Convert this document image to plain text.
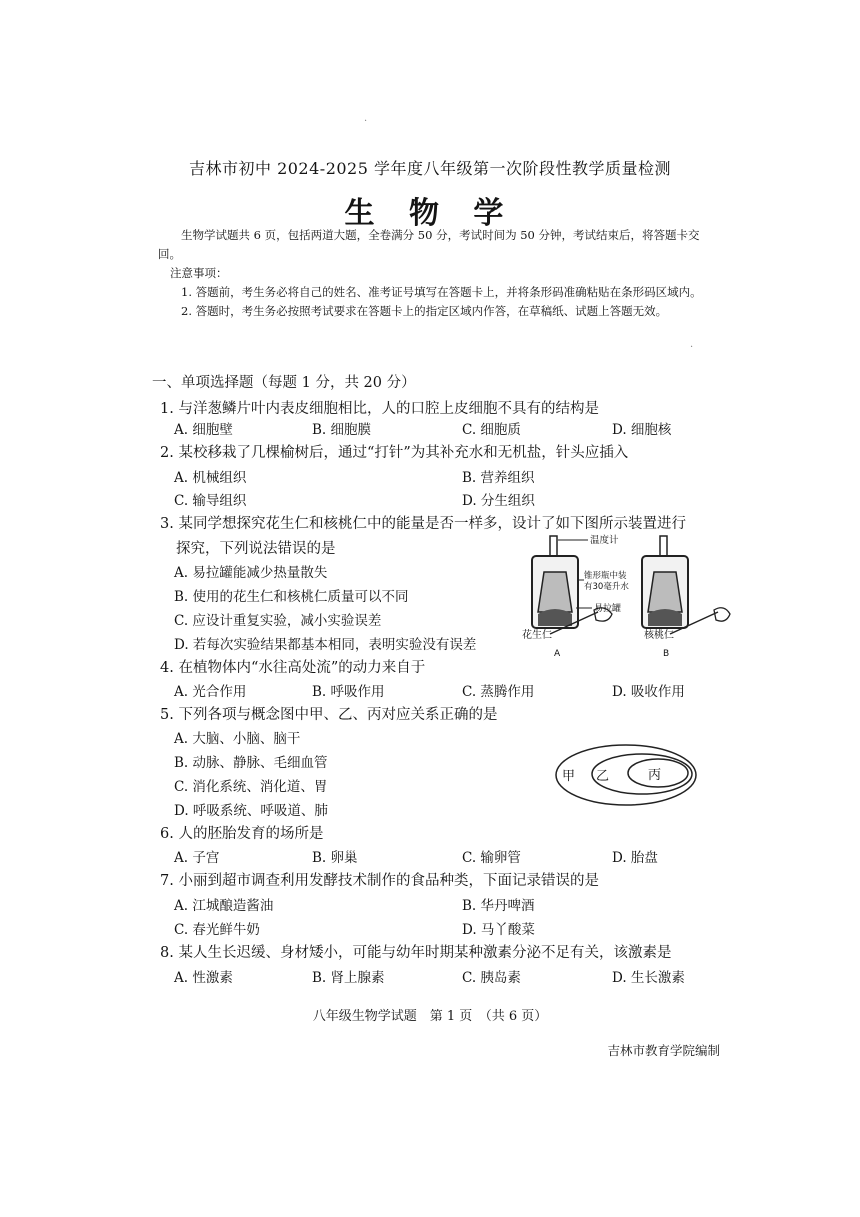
·
·
吉林市初中 2024-2025 学年度八年级第一次阶段性教学质量检测
生 物 学

生物学试题共 6 页，包括两道大题，全卷满分 50 分，考试时间为 50 分钟，考试结束后，将答题卡交回。

注意事项：

1. 答题前，考生务必将自己的姓名、准考证号填写在答题卡上，并将条形码准确粘贴在条形码区域内。

2. 答题时，考生务必按照考试要求在答题卡上的指定区域内作答，在草稿纸、试题上答题无效。

一、单项选择题（每题 1 分，共 20 分）
1. 与洋葱鳞片叶内表皮细胞相比，人的口腔上皮细胞不具有的结构是
A. 细胞壁	B. 细胞膜	C. 细胞质	D. 细胞核
2. 某校移栽了几棵榆树后，通过“打针”为其补充水和无机盐，针头应插入
A. 机械组织	B. 营养组织
C. 输导组织	D. 分生组织
3. 某同学想探究花生仁和核桃仁中的能量是否一样多，设计了如下图所示装置进行
探究，下列说法错误的是
A. 易拉罐能减少热量散失
B. 使用的花生仁和核桃仁质量可以不同
C. 应设计重复实验，减小实验误差
D. 若每次实验结果都基本相同，表明实验没有误差
温度计
锥形瓶中装
有30毫升水
易拉罐
花生仁	核桃仁
A	B
4. 在植物体内“水往高处流”的动力来自于
A. 光合作用	B. 呼吸作用	C. 蒸腾作用	D. 吸收作用
5. 下列各项与概念图中甲、乙、丙对应关系正确的是
A. 大脑、小脑、脑干
B. 动脉、静脉、毛细血管
C. 消化系统、消化道、胃
D. 呼吸系统、呼吸道、肺
甲 乙	丙
6. 人的胚胎发育的场所是
A. 子宫	B. 卵巢	C. 输卵管	D. 胎盘
7. 小丽到超市调查利用发酵技术制作的食品种类，下面记录错误的是
A. 江城酿造酱油	B. 华丹啤酒
C. 春光鲜牛奶	D. 马丫酸菜
8. 某人生长迟缓、身材矮小，可能与幼年时期某种激素分泌不足有关，该激素是
A. 性激素	B. 肾上腺素	C. 胰岛素	D. 生长激素
八年级生物学试题　第 1 页　（共 6 页）
吉林市教育学院编制
